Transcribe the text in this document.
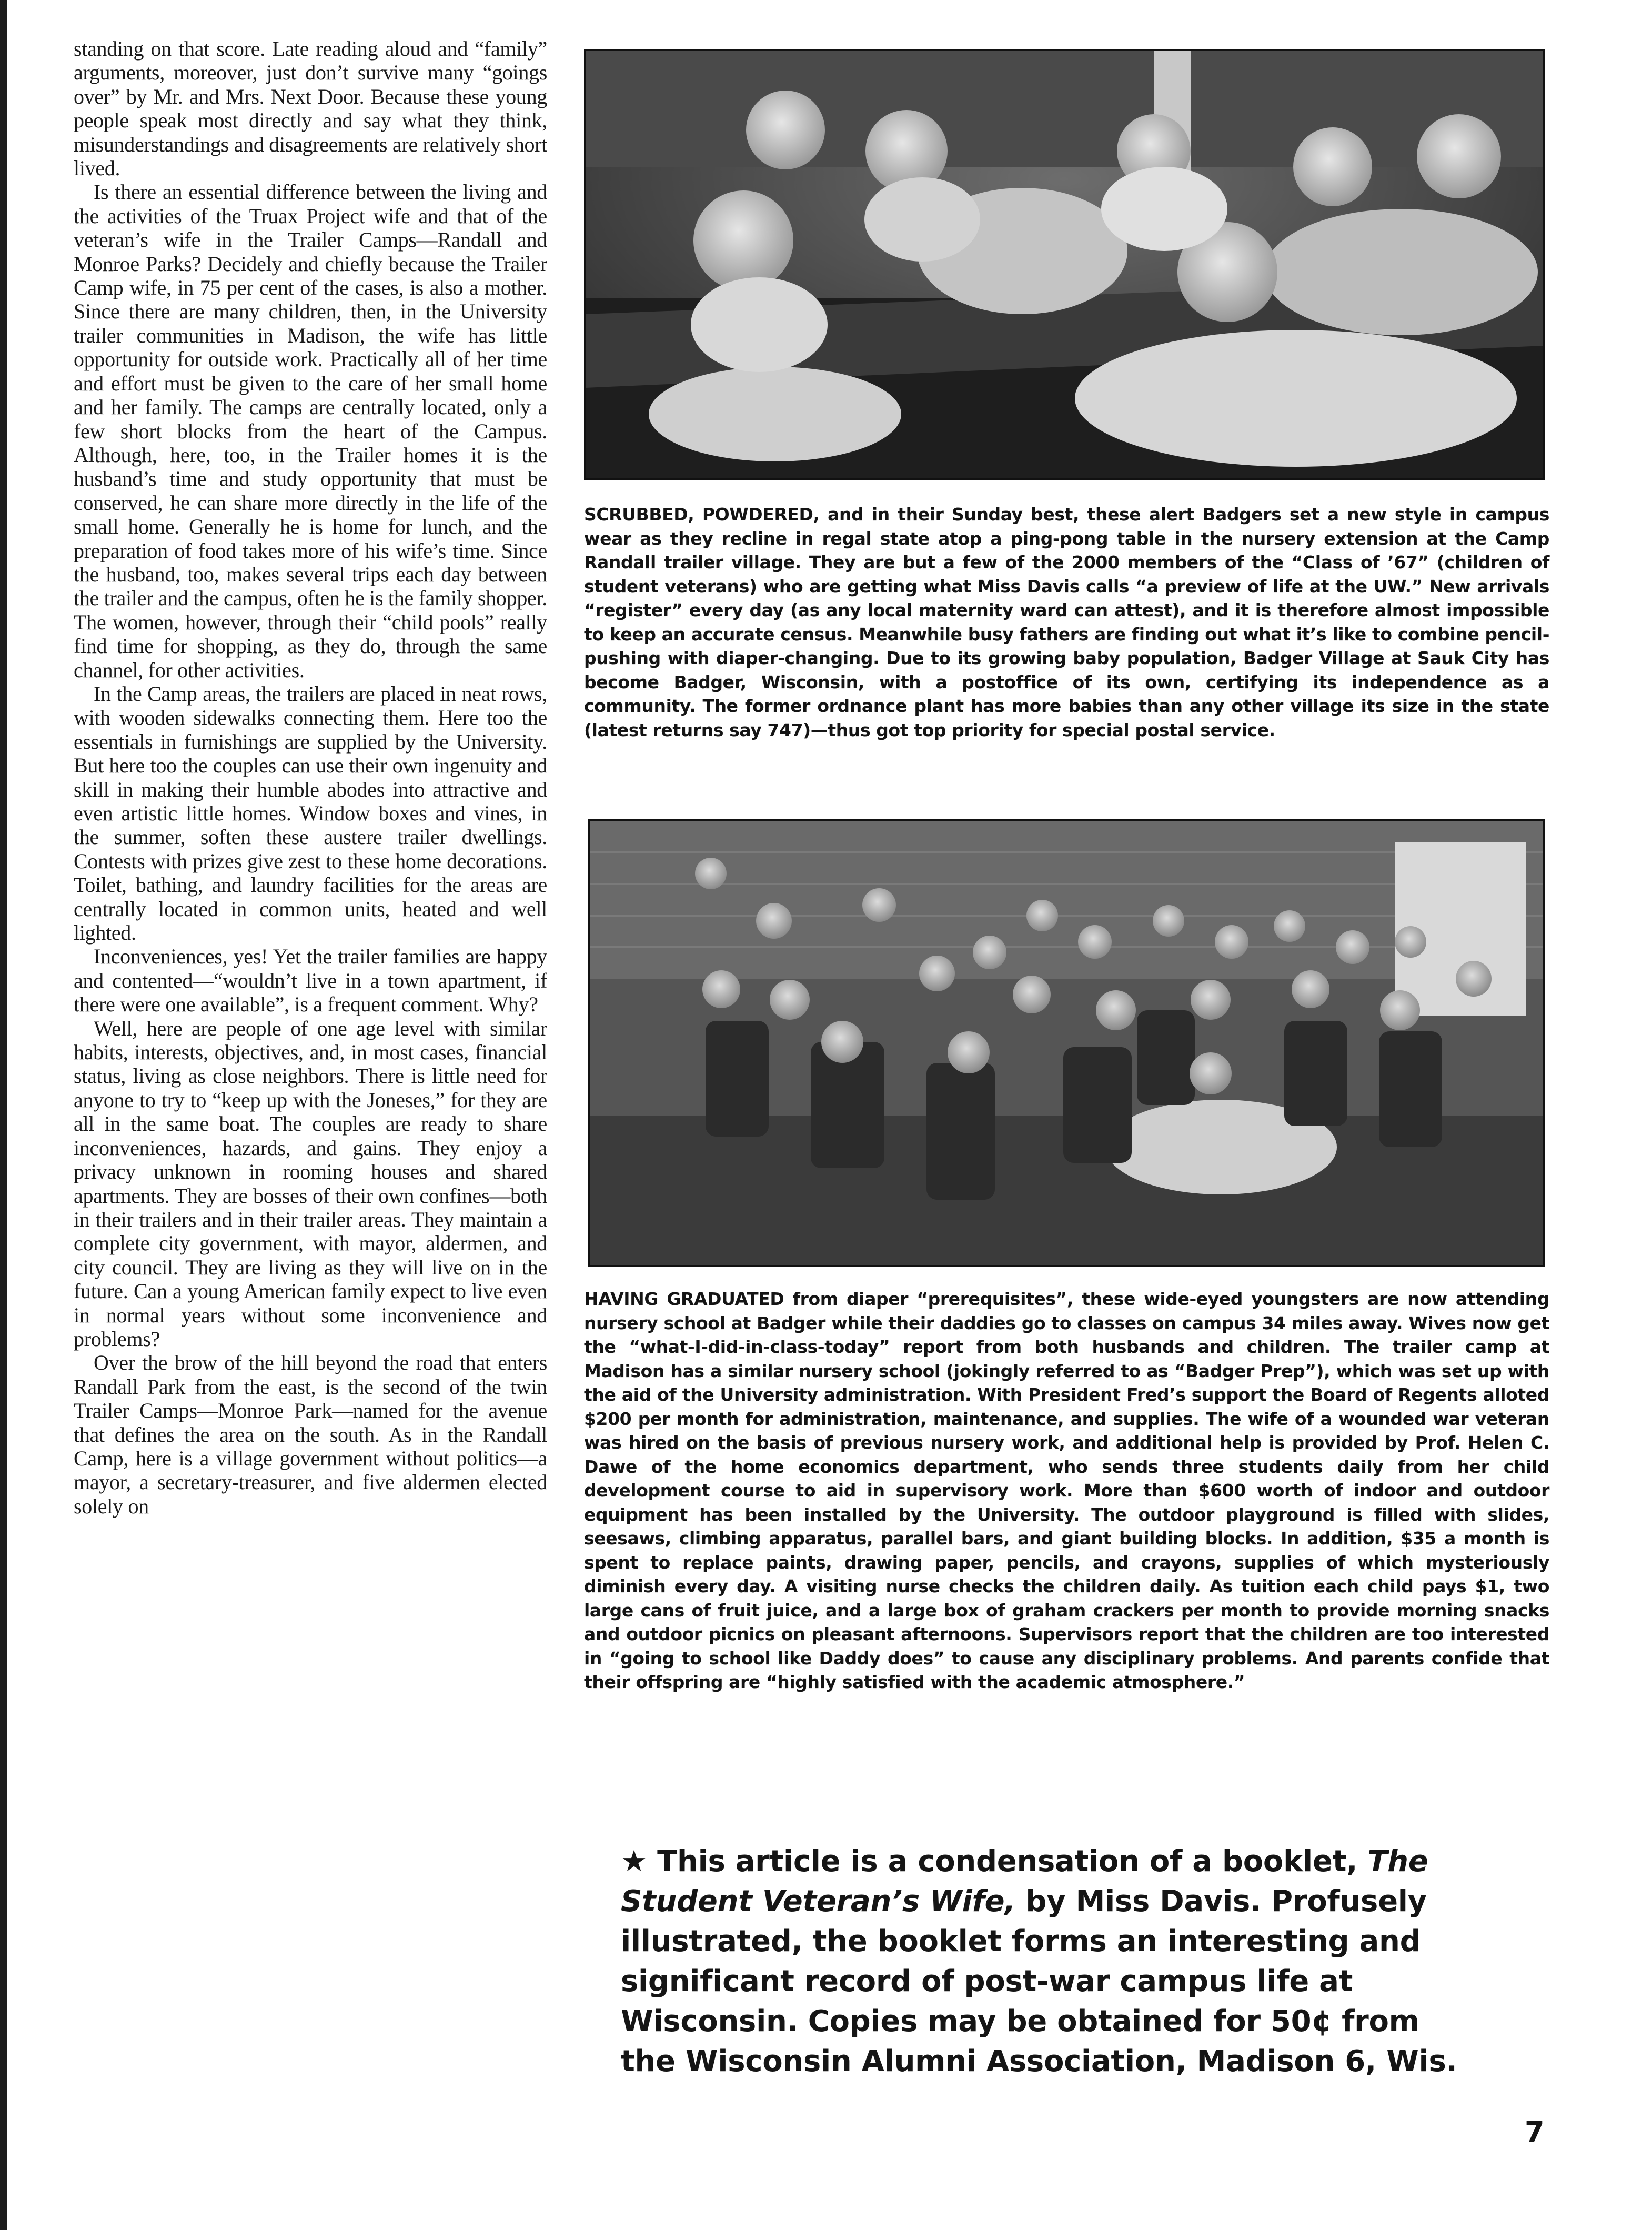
standing on that score. Late reading aloud and “family” arguments, moreover, just don’t survive many “goings over” by Mr. and Mrs. Next Door. Because these young people speak most directly and say what they think, misunderstandings and disagreements are relatively short lived.

Is there an essential difference between the living and the activities of the Truax Project wife and that of the veteran’s wife in the Trailer Camps—Randall and Monroe Parks? Decidely and chiefly because the Trailer Camp wife, in 75 per cent of the cases, is also a mother. Since there are many children, then, in the University trailer communities in Madison, the wife has little opportunity for outside work. Practically all of her time and effort must be given to the care of her small home and her family. The camps are centrally located, only a few short blocks from the heart of the Campus. Although, here, too, in the Trailer homes it is the husband’s time and study opportunity that must be conserved, he can share more directly in the life of the small home. Generally he is home for lunch, and the preparation of food takes more of his wife’s time. Since the husband, too, makes several trips each day between the trailer and the campus, often he is the family shopper. The women, however, through their “child pools” really find time for shopping, as they do, through the same channel, for other activities.

In the Camp areas, the trailers are placed in neat rows, with wooden sidewalks connecting them. Here too the essentials in furnishings are supplied by the University. But here too the couples can use their own ingenuity and skill in making their humble abodes into attractive and even artistic little homes. Window boxes and vines, in the summer, soften these austere trailer dwellings. Contests with prizes give zest to these home decorations. Toilet, bathing, and laundry facilities for the areas are centrally located in common units, heated and well lighted.

Inconveniences, yes! Yet the trailer families are happy and contented—“wouldn’t live in a town apartment, if there were one available”, is a frequent comment. Why?

Well, here are people of one age level with similar habits, interests, objectives, and, in most cases, financial status, living as close neighbors. There is little need for anyone to try to “keep up with the Joneses,” for they are all in the same boat. The couples are ready to share inconveniences, hazards, and gains. They enjoy a privacy unknown in rooming houses and shared apartments. They are bosses of their own confines—both in their trailers and in their trailer areas. They maintain a complete city government, with mayor, aldermen, and city council. They are living as they will live on in the future. Can a young American family expect to live even in normal years without some inconvenience and problems?

Over the brow of the hill beyond the road that enters Randall Park from the east, is the second of the twin Trailer Camps—Monroe Park—named for the avenue that defines the area on the south. As in the Randall Camp, here is a village government without politics—a mayor, a secretary-treasurer, and five aldermen elected solely on

SCRUBBED, POWDERED, and in their Sunday best, these alert Badgers set a new style in campus wear as they recline in regal state atop a ping-pong table in the nursery extension at the Camp Randall trailer village. They are but a few of the 2000 members of the “Class of ’67” (children of student veterans) who are getting what Miss Davis calls “a preview of life at the UW.” New arrivals “register” every day (as any local maternity ward can attest), and it is therefore almost impossible to keep an accurate census. Meanwhile busy fathers are finding out what it’s like to combine pencil-pushing with diaper-changing. Due to its growing baby population, Badger Village at Sauk City has become Badger, Wisconsin, with a postoffice of its own, certifying its independence as a community. The former ordnance plant has more babies than any other village its size in the state (latest returns say 747)—thus got top priority for special postal service.
HAVING GRADUATED from diaper “prerequisites”, these wide-eyed youngsters are now attending nursery school at Badger while their daddies go to classes on campus 34 miles away. Wives now get the “what-I-did-in-class-today” report from both husbands and children. The trailer camp at Madison has a similar nursery school (jokingly referred to as “Badger Prep”), which was set up with the aid of the University administration. With President Fred’s support the Board of Regents alloted $200 per month for administration, maintenance, and supplies. The wife of a wounded war veteran was hired on the basis of previous nursery work, and additional help is provided by Prof. Helen C. Dawe of the home economics department, who sends three students daily from her child development course to aid in supervisory work. More than $600 worth of indoor and outdoor equipment has been installed by the University. The outdoor playground is filled with slides, seesaws, climbing apparatus, parallel bars, and giant building blocks. In addition, $35 a month is spent to replace paints, drawing paper, pencils, and crayons, supplies of which mysteriously diminish every day. A visiting nurse checks the children daily. As tuition each child pays $1, two large cans of fruit juice, and a large box of graham crackers per month to provide morning snacks and outdoor picnics on pleasant afternoons. Supervisors report that the children are too interested in “going to school like Daddy does” to cause any disciplinary problems. And parents confide that their offspring are “highly satisfied with the academic atmosphere.”
★ This article is a condensation of a booklet, The Student Veteran’s Wife, by Miss Davis. Profusely illustrated, the booklet forms an interesting and significant record of post-war campus life at Wisconsin. Copies may be obtained for 50¢ from the Wisconsin Alumni Association, Madison 6, Wis.
7
